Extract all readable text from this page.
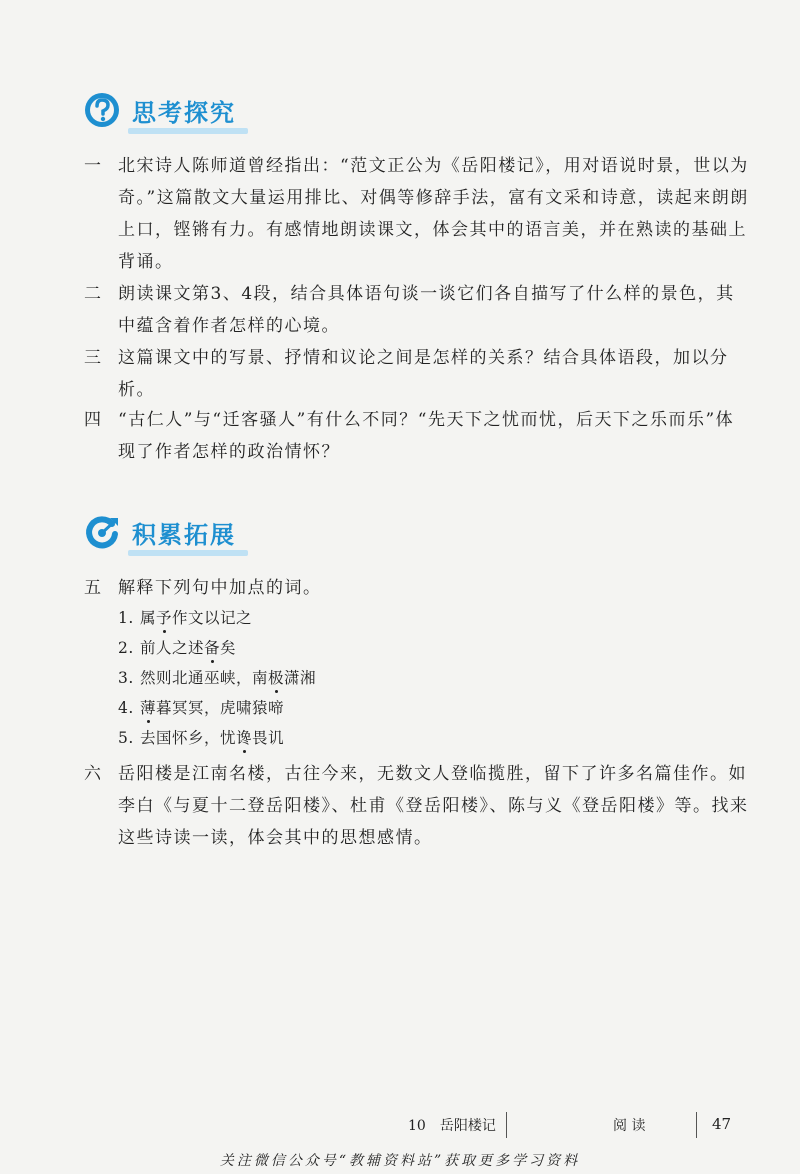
思考探究
一	北宋诗人陈师道曾经指出：“范文正公为《岳阳楼记》，用对语说时景，世以为奇。”这篇散文大量运用排比、对偶等修辞手法，富有文采和诗意，读起来朗朗上口，铿锵有力。有感情地朗读课文，体会其中的语言美，并在熟读的基础上背诵。
二	朗读课文第3、4段，结合具体语句谈一谈它们各自描写了什么样的景色，其中蕴含着作者怎样的心境。
三	这篇课文中的写景、抒情和议论之间是怎样的关系？结合具体语段，加以分析。
四	“古仁人”与“迁客骚人”有什么不同？“先天下之忧而忧，后天下之乐而乐”体现了作者怎样的政治情怀？
积累拓展
五	解释下列句中加点的词。
1. 属予作文以记之
2. 前人之述备矣
3. 然则北通巫峡，南极潇湘
4. 薄暮冥冥，虎啸猿啼
5. 去国怀乡，忧谗畏讥
六	岳阳楼是江南名楼，古往今来，无数文人登临揽胜，留下了许多名篇佳作。如李白《与夏十二登岳阳楼》、杜甫《登岳阳楼》、陈与义《登岳阳楼》等。找来这些诗读一读，体会其中的思想感情。
10　岳阳楼记	阅 读	47
关注微信公众号“教辅资料站”获取更多学习资料
